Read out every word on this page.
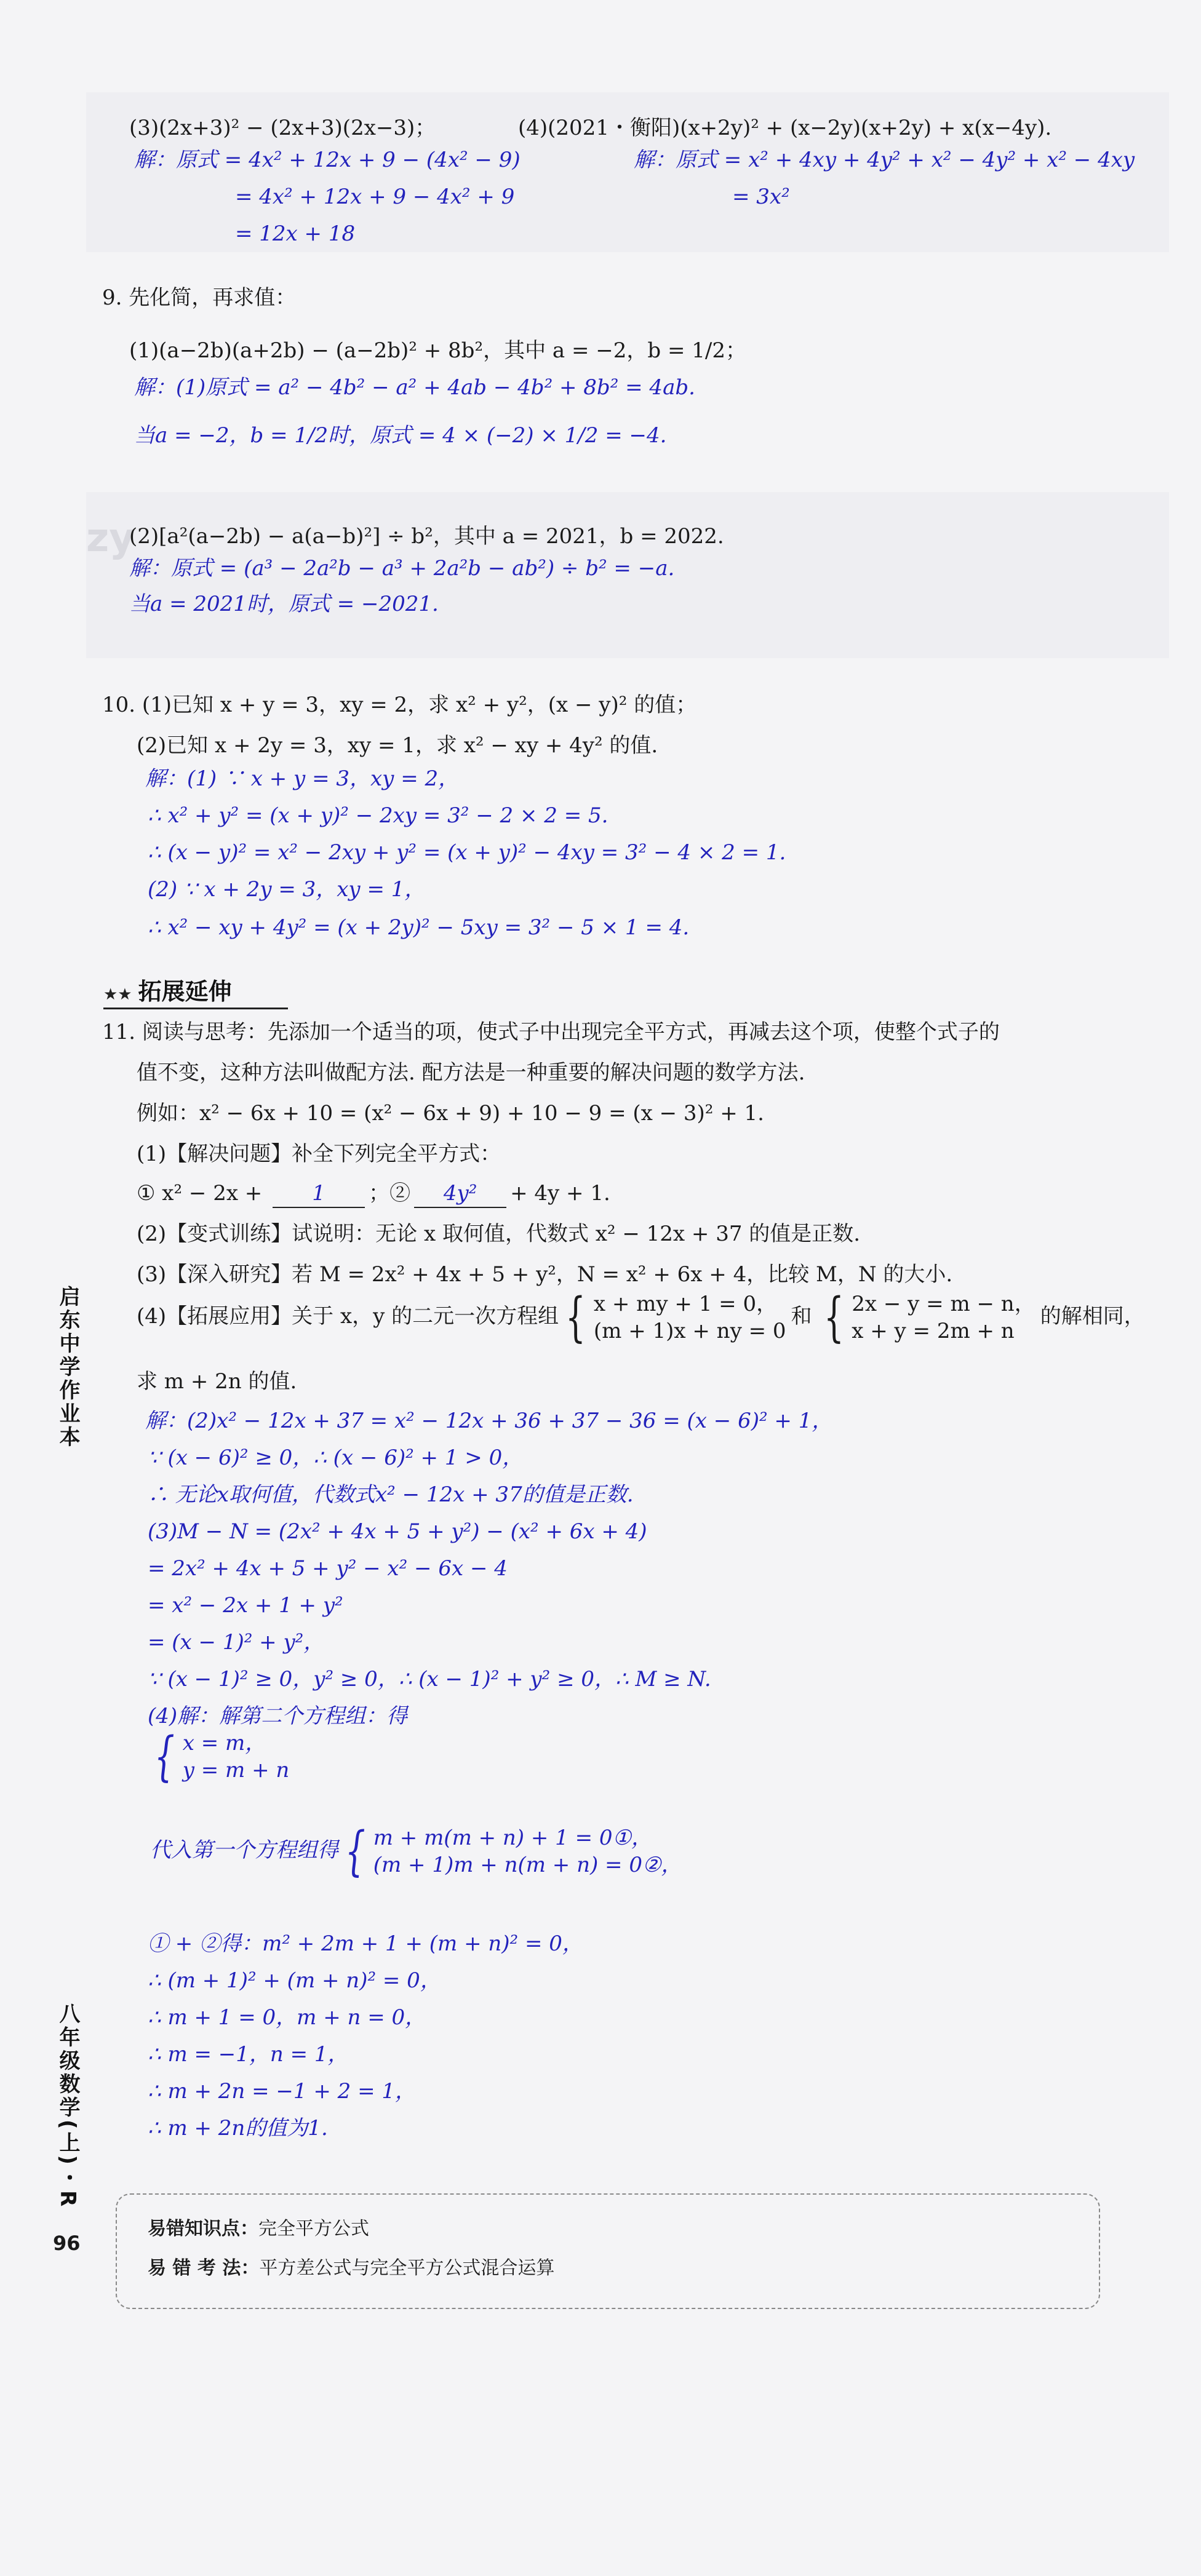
(3)(2x+3)² − (2x+3)(2x−3)；	(4)(2021・衡阳)(x+2y)² + (x−2y)(x+2y) + x(x−4y).
解：原式 = 4x² + 12x + 9 − (4x² − 9)
= 4x² + 12x + 9 − 4x² + 9
= 12x + 18
解：原式 = x² + 4xy + 4y² + x² − 4y² + x² − 4xy
= 3x²
9. 先化简，再求值：
(1)(a−2b)(a+2b) − (a−2b)² + 8b²，其中 a = −2，b = 1/2；
解：(1)原式 = a² − 4b² − a² + 4ab − 4b² + 8b² = 4ab.
当a = −2，b = 1/2时，原式 = 4 × (−2) × 1/2 = −4.
zy
(2)[a²(a−2b) − a(a−b)²] ÷ b²，其中 a = 2021，b = 2022.
解：原式 = (a³ − 2a²b − a³ + 2a²b − ab²) ÷ b² = −a.
当a = 2021时，原式 = −2021.
10. (1)已知 x + y = 3，xy = 2，求 x² + y²，(x − y)² 的值；
(2)已知 x + 2y = 3，xy = 1，求 x² − xy + 4y² 的值.
解：(1) ∵ x + y = 3，xy = 2，
∴ x² + y² = (x + y)² − 2xy = 3² − 2 × 2 = 5.
∴ (x − y)² = x² − 2xy + y² = (x + y)² − 4xy = 3² − 4 × 2 = 1.
(2) ∵ x + 2y = 3，xy = 1，
∴ x² − xy + 4y² = (x + 2y)² − 5xy = 3² − 5 × 1 = 4.
★★ 拓展延伸
11. 阅读与思考：先添加一个适当的项，使式子中出现完全平方式，再减去这个项，使整个式子的
值不变，这种方法叫做配方法. 配方法是一种重要的解决问题的数学方法.
例如：x² − 6x + 10 = (x² − 6x + 9) + 10 − 9 = (x − 3)² + 1.
(1)【解决问题】补全下列完全平方式：
① x² − 2x + 1 ；② 4y² + 4y + 1.
(2)【变式训练】试说明：无论 x 取何值，代数式 x² − 12x + 37 的值是正数.
(3)【深入研究】若 M = 2x² + 4x + 5 + y²，N = x² + 6x + 4，比较 M，N 的大小.
(4)【拓展应用】关于 x，y 的二元一次方程组 { x + my + 1 = 0，
(m + 1)x + ny = 0
和 { 2x − y = m − n，
x + y = 2m + n
的解相同，
求 m + 2n 的值.
解：(2)x² − 12x + 37 = x² − 12x + 36 + 37 − 36 = (x − 6)² + 1，
∵ (x − 6)² ≥ 0，∴ (x − 6)² + 1 > 0，
∴ 无论x取何值，代数式x² − 12x + 37的值是正数.
(3)M − N = (2x² + 4x + 5 + y²) − (x² + 6x + 4)
= 2x² + 4x + 5 + y² − x² − 6x − 4
= x² − 2x + 1 + y²
= (x − 1)² + y²，
∵ (x − 1)² ≥ 0，y² ≥ 0，∴ (x − 1)² + y² ≥ 0，∴ M ≥ N.
(4)解：解第二个方程组：得
{ x = m，
y = m + n
代入第一个方程组得 { m + m(m + n) + 1 = 0①，
(m + 1)m + n(m + n) = 0②，
① + ②得：m² + 2m + 1 + (m + n)² = 0，
∴ (m + 1)² + (m + n)² = 0，
∴ m + 1 = 0，m + n = 0，
∴ m = −1，n = 1，
∴ m + 2n = −1 + 2 = 1，
∴ m + 2n的值为1.
启东中学作业本
八年级数学(上)・R
96
易错知识点：完全平方公式
易 错 考 法：平方差公式与完全平方公式混合运算
